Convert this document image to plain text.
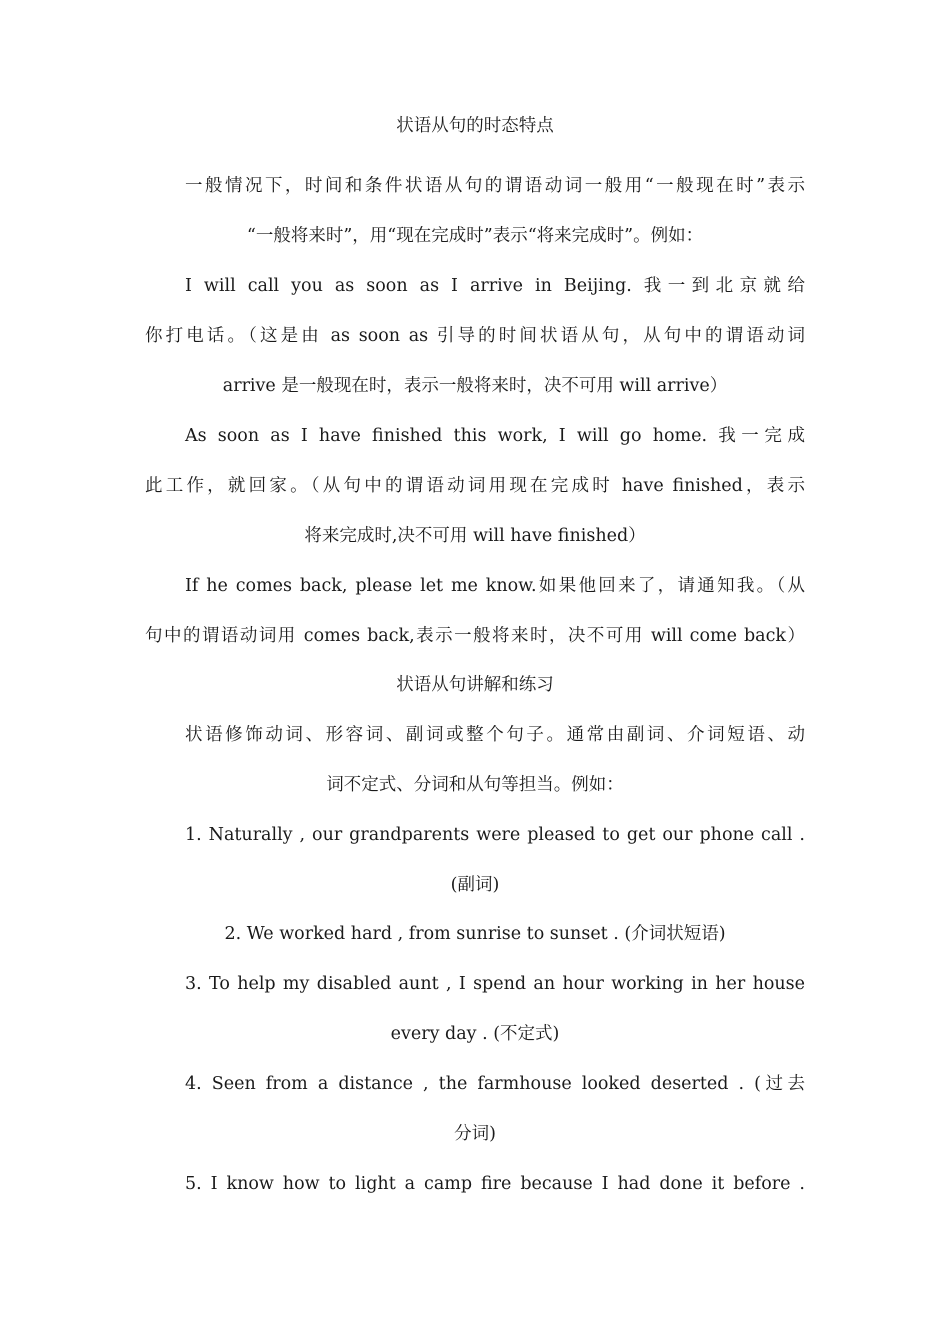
状语从句的时态特点
一般情况下，时间和条件状语从句的谓语动词一般用“一般现在时”表示
“一般将来时”，用“现在完成时”表示“将来完成时”。例如：
I will call you as soon as I arrive in Beijing. 我一到北京就给
你打电话。（这是由 as soon as 引导的时间状语从句，从句中的谓语动词
arrive 是一般现在时，表示一般将来时，决不可用 will arrive）
As soon as I have finished this work, I will go home. 我一完成
此工作，就回家。（从句中的谓语动词用现在完成时 have finished，表示
将来完成时,决不可用 will have finished）
If he comes back, please let me know.如果他回来了，请通知我。（从
句中的谓语动词用 comes back,表示一般将来时，决不可用 will come back）
状语从句讲解和练习
状语修饰动词、形容词、副词或整个句子。通常由副词、介词短语、动
词不定式、分词和从句等担当。例如：
1. Naturally , our grandparents were pleased to get our phone call .
(副词)
2. We worked hard , from sunrise to sunset . (介词状短语)
3. To help my disabled aunt , I spend an hour working in her house
every day . (不定式)
4. Seen from a distance , the farmhouse looked deserted . (过去
分词)
5. I know how to light a camp fire because I had done it before .
